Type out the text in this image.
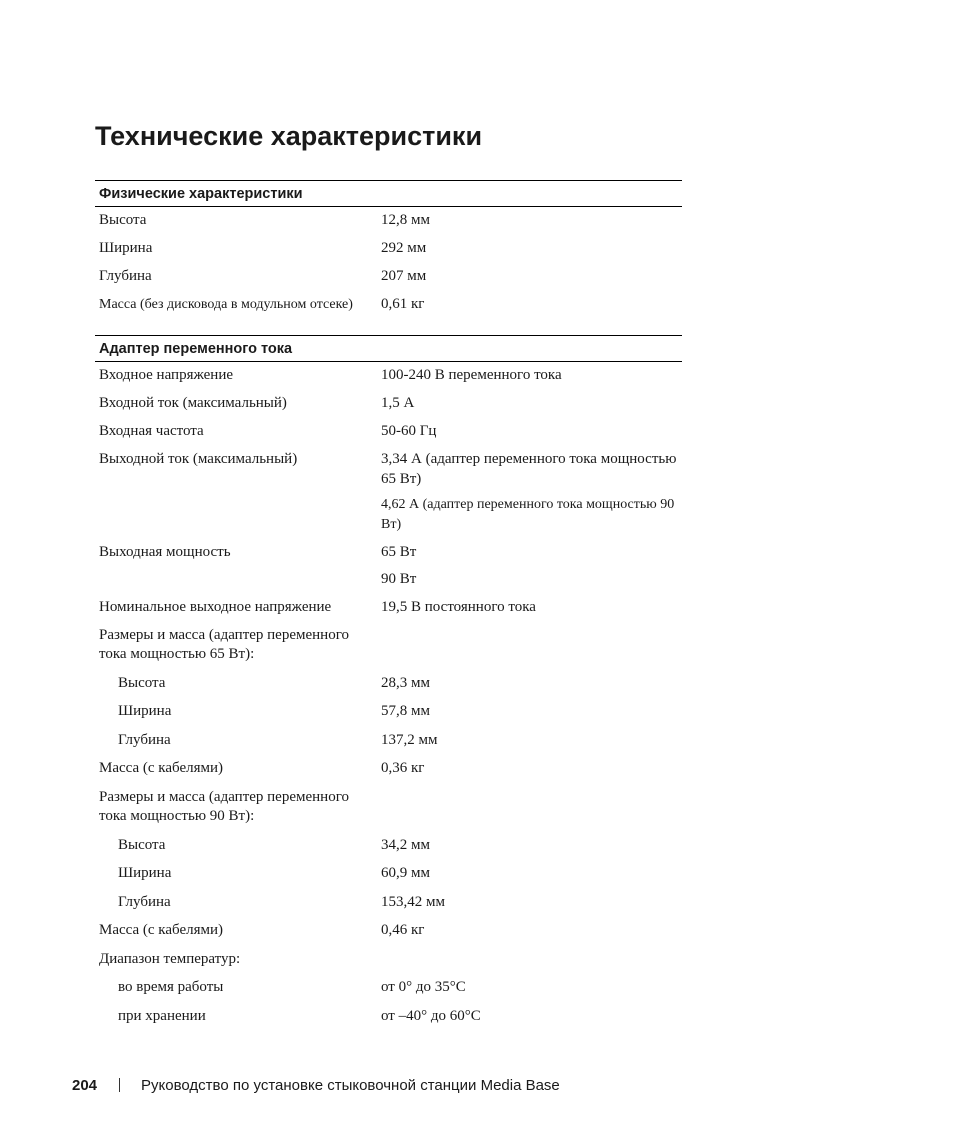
Технические характеристики
Физические характеристики
Высота	12,8 мм
Ширина	292 мм
Глубина	207 мм
Масса (без дисковода в модульном отсеке)	0,61 кг
Адаптер переменного тока
Входное напряжение	100-240 В переменного тока
Входной ток (максимальный)	1,5 А
Входная частота	50-60 Гц
Выходной ток (максимальный)	3,34 А (адаптер переменного тока мощностью 65 Вт)
4,62 А (адаптер переменного тока мощностью 90 Вт)
Выходная мощность	65 Вт
90 Вт
Номинальное выходное напряжение	19,5 В постоянного тока
Размеры и масса (адаптер переменного тока мощностью 65 Вт):
Высота	28,3 мм
Ширина	57,8 мм
Глубина	137,2 мм
Масса (с кабелями)	0,36 кг
Размеры и масса (адаптер переменного тока мощностью 90 Вт):
Высота	34,2 мм
Ширина	60,9 мм
Глубина	153,42 мм
Масса (с кабелями)	0,46 кг
Диапазон температур:
во время работы	от 0° до 35°C
при хранении	от –40° до 60°C
204	Руководство по установке стыковочной станции Media Base
